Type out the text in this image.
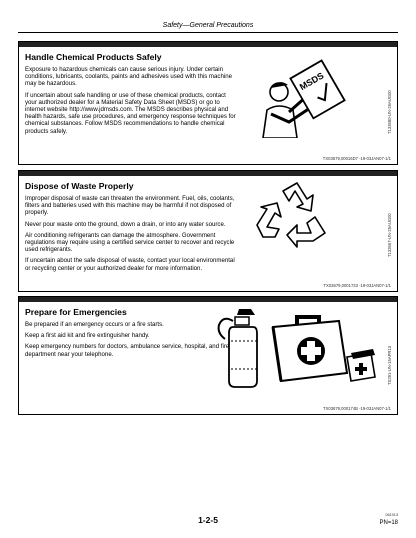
Safety—General Precautions
Handle Chemical Products Safely

Exposure to hazardous chemicals can cause serious injury. Under certain conditions, lubricants, coolants, paints and adhesives used with this machine may be hazardous.

If uncertain about safe handling or use of these chemical products, contact your authorized dealer for a Material Safety Data Sheet (MSDS) or go to internet website http://www.jdmsds.com. The MSDS describes physical and health hazards, safe use procedures, and emergency response techniques for chemical substances. Follow MSDS recommendations to handle chemical products safely.

MSDS
T133580-UN-26AUG00
TX03679,00016D7 -19-03JAN07-1/1
Dispose of Waste Properly

Improper disposal of waste can threaten the environment. Fuel, oils, coolants, filters and batteries used with this machine may be harmful if not disposed of properly.

Never pour waste onto the ground, down a drain, or into any water source.

Air conditioning refrigerants can damage the atmosphere. Government regulations may require using a certified service center to recover and recycle used refrigerants.

If uncertain about the safe disposal of waste, contact your local environmental or recycling center or your authorized dealer for more information.

T133567-UN-25AUG00
TX03679,0001733 -19-03JAN07-1/1
Prepare for Emergencies

Be prepared if an emergency occurs or a fire starts.

Keep a first aid kit and fire extinguisher handy.

Keep emergency numbers for doctors, ambulance service, hospital, and fire department near your telephone.	TS291-UN-15APR13
TX03679,000174B -19-03JAN07-1/1
1-2-5	061913
PN=18
